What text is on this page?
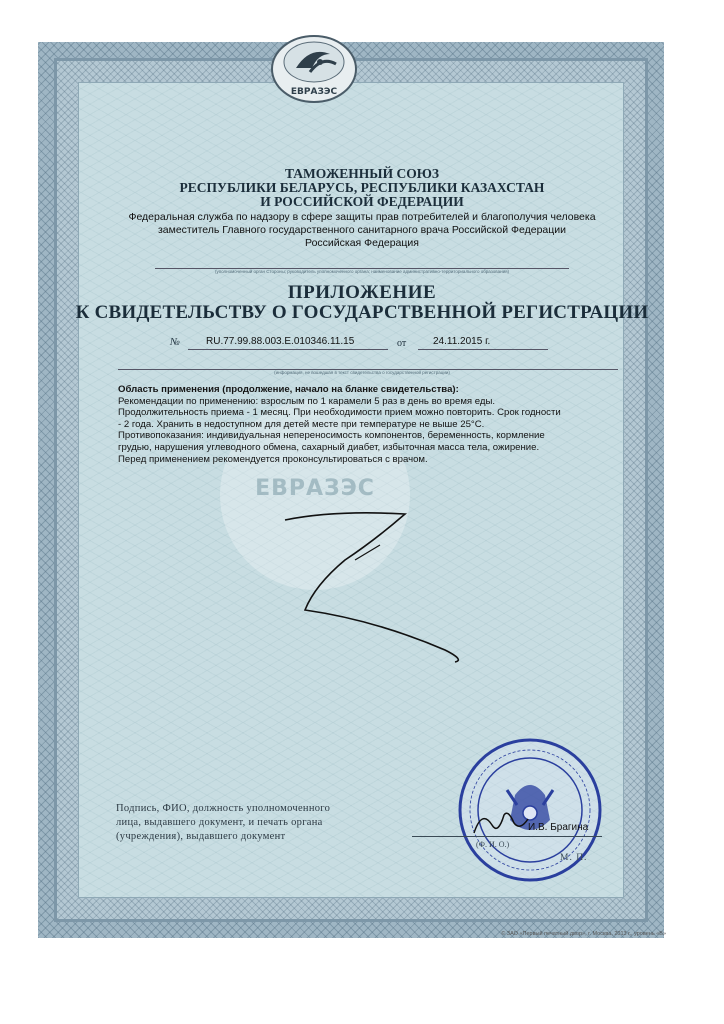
ЕВРАЗЭС
ЕВРАЗЭС
ТАМОЖЕННЫЙ СОЮЗ
РЕСПУБЛИКИ БЕЛАРУСЬ, РЕСПУБЛИКИ КАЗАХСТАН
И РОССИЙСКОЙ ФЕДЕРАЦИИ
Федеральная служба по надзору в сфере защиты прав потребителей и благополучия человека
заместитель Главного государственного санитарного врача Российской Федерации
Российская Федерация
(уполномоченный орган Стороны; руководитель уполномоченного органа; наименование административно-территориального образования)
ПРИЛОЖЕНИЕ
К СВИДЕТЕЛЬСТВУ О ГОСУДАРСТВЕННОЙ РЕГИСТРАЦИИ
№	RU.77.99.88.003.E.010346.11.15	от	24.11.2015 г.
(информация, не вошедшая в текст свидетельства о государственной регистрации)

Область применения (продолжение, начало на бланке свидетельства):

Рекомендации по применению: взрослым по 1 карамели 5 раз в день во время еды.

Продолжительность приема - 1 месяц. При необходимости прием можно повторить. Срок годности

- 2 года. Хранить в недоступном для детей месте при температуре не выше 25°С.

Противопоказания: индивидуальная непереносимость компонентов, беременность, кормление

грудью, нарушения углеводного обмена, сахарный диабет, избыточная масса тела, ожирение.

Перед применением рекомендуется проконсультироваться с врачом.

Подпись, ФИО, должность уполномоченного
лица, выдавшего документ, и печать органа
(учреждения), выдавшего документ
И.В. Брагина
(Ф. И. О.)
М. П.
© ЗАО «Первый печатный двор», г. Москва, 2013 г., уровень «В»
